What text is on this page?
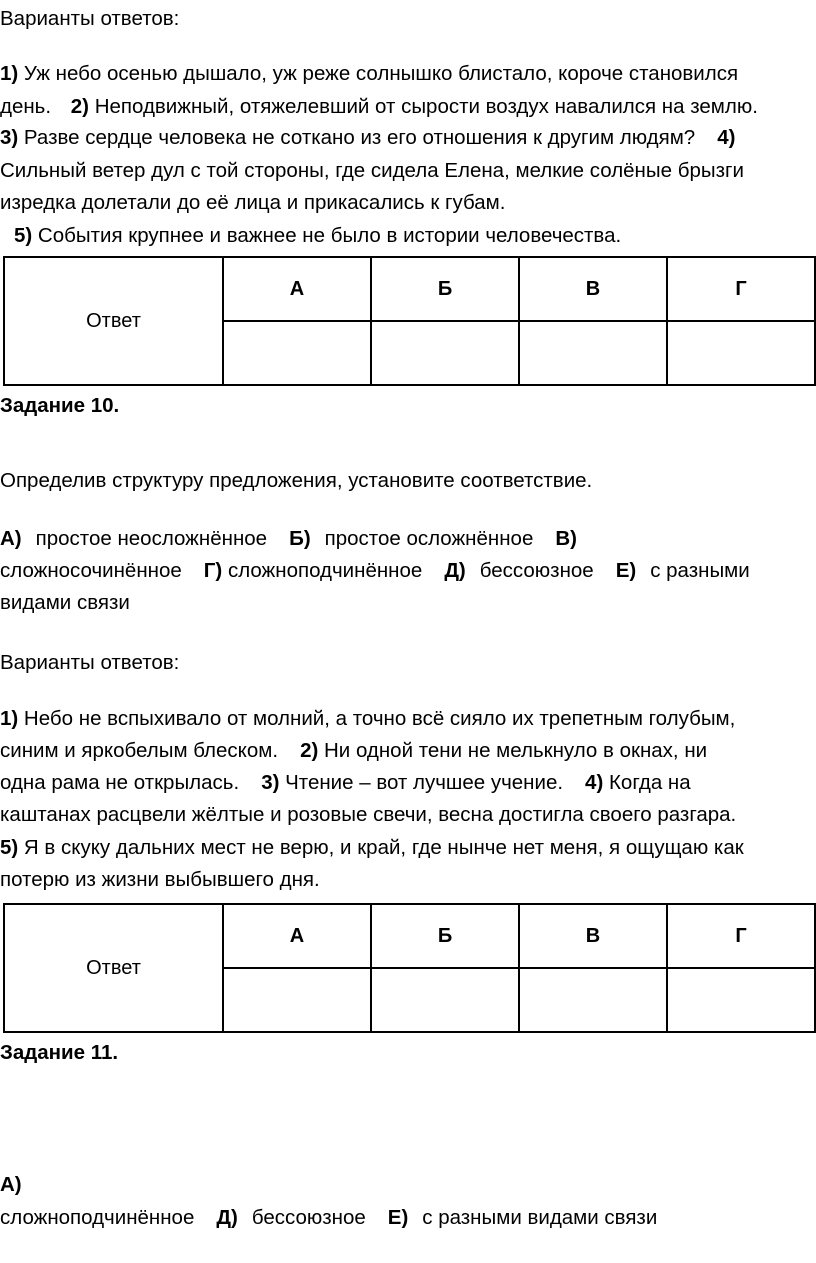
Варианты ответов:
1) Уж небо осенью дышало, уж реже солнышко блистало, короче становился
день. 2) Неподвижный, отяжелевший от сырости воздух навалился на землю.
3) Разве сердце человека не соткано из его отношения к другим людям? 4)
Сильный ветер дул с той стороны, где сидела Елена, мелкие солёные брызги
изредка долетали до её лица и прикасались к губам.
5) События крупнее и важнее не было в истории человечества.
Ответ	А	Б	В	Г

Задание 10.
Определив структуру предложения, установите соответствие.
А) простое неосложнённое Б) простое осложнённое В)
сложносочинённое Г) сложноподчинённое Д) бессоюзное Е) с разными
видами связи
Варианты ответов:
1) Небо не вспыхивало от молний, а точно всё сияло их трепетным голубым,
синим и яркобелым блеском. 2) Ни одной тени не мелькнуло в окнах, ни
одна рама не открылась. 3) Чтение – вот лучшее учение. 4) Когда на
каштанах расцвели жёлтые и розовые свечи, весна достигла своего разгара.
5) Я в скуку дальних мест не верю, и край, где нынче нет меня, я ощущаю как
потерю из жизни выбывшего дня.
Ответ	А	Б	В	Г

Задание 11.
А)
сложноподчинённое Д) бессоюзное Е) с разными видами связи
